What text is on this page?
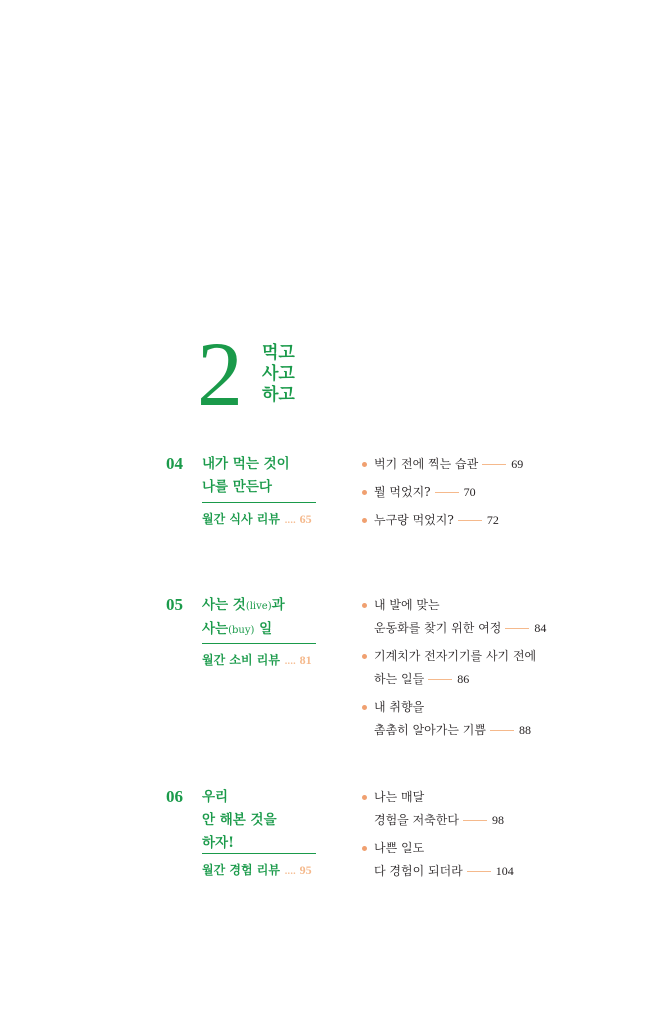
2 먹고
사고
하고
04 내가 먹는 것이
나를 만든다
월간 식사 리뷰 .... 65
벅기 전에 찍는 습관	69
뭘 먹었지?	70
누구랑 먹었지?	72
05 사는 것(live)과
사는(buy) 일
월간 소비 리뷰 .... 81
내 발에 맞는
운동화를 찾기 위한 여정	84
기계치가 전자기기를 사기 전에
하는 일들	86
내 취향을
촘촘히 알아가는 기쁨	88
06 우리
안 해본 것을
하자!
월간 경험 리뷰 .... 95
나는 매달
경험을 저축한다	98
나쁜 일도
다 경험이 되더라	104
